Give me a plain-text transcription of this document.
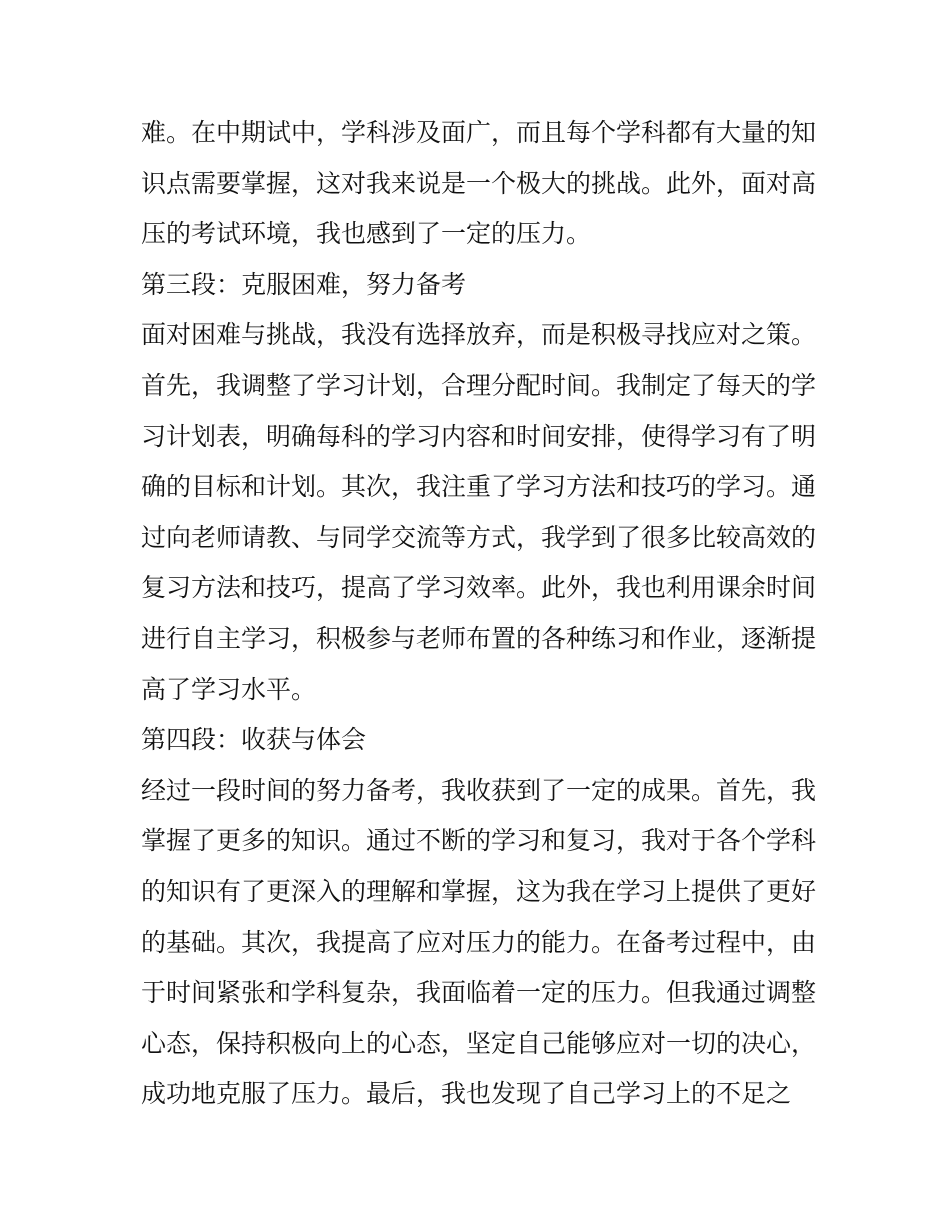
难。在中期试中，学科涉及面广，而且每个学科都有大量的知
识点需要掌握，这对我来说是一个极大的挑战。此外，面对高
压的考试环境，我也感到了一定的压力。
第三段：克服困难，努力备考
面对困难与挑战，我没有选择放弃，而是积极寻找应对之策。
首先，我调整了学习计划，合理分配时间。我制定了每天的学
习计划表，明确每科的学习内容和时间安排，使得学习有了明
确的目标和计划。其次，我注重了学习方法和技巧的学习。通
过向老师请教、与同学交流等方式，我学到了很多比较高效的
复习方法和技巧，提高了学习效率。此外，我也利用课余时间
进行自主学习，积极参与老师布置的各种练习和作业，逐渐提
高了学习水平。
第四段：收获与体会
经过一段时间的努力备考，我收获到了一定的成果。首先，我
掌握了更多的知识。通过不断的学习和复习，我对于各个学科
的知识有了更深入的理解和掌握，这为我在学习上提供了更好
的基础。其次，我提高了应对压力的能力。在备考过程中，由
于时间紧张和学科复杂，我面临着一定的压力。但我通过调整
心态，保持积极向上的心态，坚定自己能够应对一切的决心，
成功地克服了压力。最后，我也发现了自己学习上的不足之
